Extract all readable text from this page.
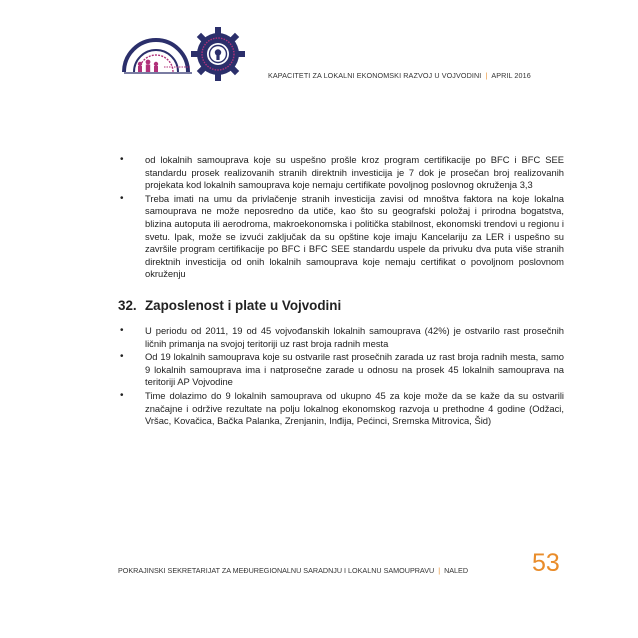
KAPACITETI ZA LOKALNI EKONOMSKI RAZVOJ U VOJVODINI | APRIL 2016
• od lokalnih samouprava koje su uspešno prošle kroz program certifikacije po BFC i BFC SEE standardu prosek realizovanih stranih direktnih investicija je 7 dok je prosečan broj realizovanih projekata kod lokalnih samouprava koje nemaju certifikate povoljnog poslovnog okruženja 3,3
• Treba imati na umu da privlačenje stranih investicija zavisi od mnoštva faktora na koje lokalna samouprava ne može neposredno da utiče, kao što su geografski položaj i prirodna bogatstva, blizina autoputa ili aerodroma, makroekonomska i politička stabilnost, ekonomski trendovi u regionu i svetu. Ipak, može se izvući zaključak da su opštine koje imaju Kancelariju za LER i uspešno su završile program certifikacije po BFC i BFC SEE standardu uspele da privuku dva puta više stranih direktnih investicija od onih lokalnih samouprava koje nemaju certifikat o povoljnom poslovnom okruženju
32. Zaposlenost i plate u Vojvodini
• U periodu od 2011, 19 od 45 vojvođanskih lokalnih samouprava (42%) je ostvarilo rast prosečnih ličnih primanja na svojoj teritoriji uz rast broja radnih mesta
• Od 19 lokalnih samouprava koje su ostvarile rast prosečnih zarada uz rast broja radnih mesta, samo 9 lokalnih samouprava ima i natprosečne zarade u odnosu na prosek 45 lokalnih samouprava na teritoriji AP Vojvodine
• Time dolazimo do 9 lokalnih samouprava od ukupno 45 za koje može da se kaže da su ostvarili značajne i održive rezultate na polju lokalnog ekonomskog razvoja u prethodne 4 godine (Odžaci, Vršac, Kovačica, Bačka Palanka, Zrenjanin, Inđija, Pećinci, Sremska Mitrovica, Šid)
POKRAJINSKI SEKRETARIJAT ZA MEĐUREGIONALNU SARADNJU I LOKALNU SAMOUPRAVU | NALED	53
